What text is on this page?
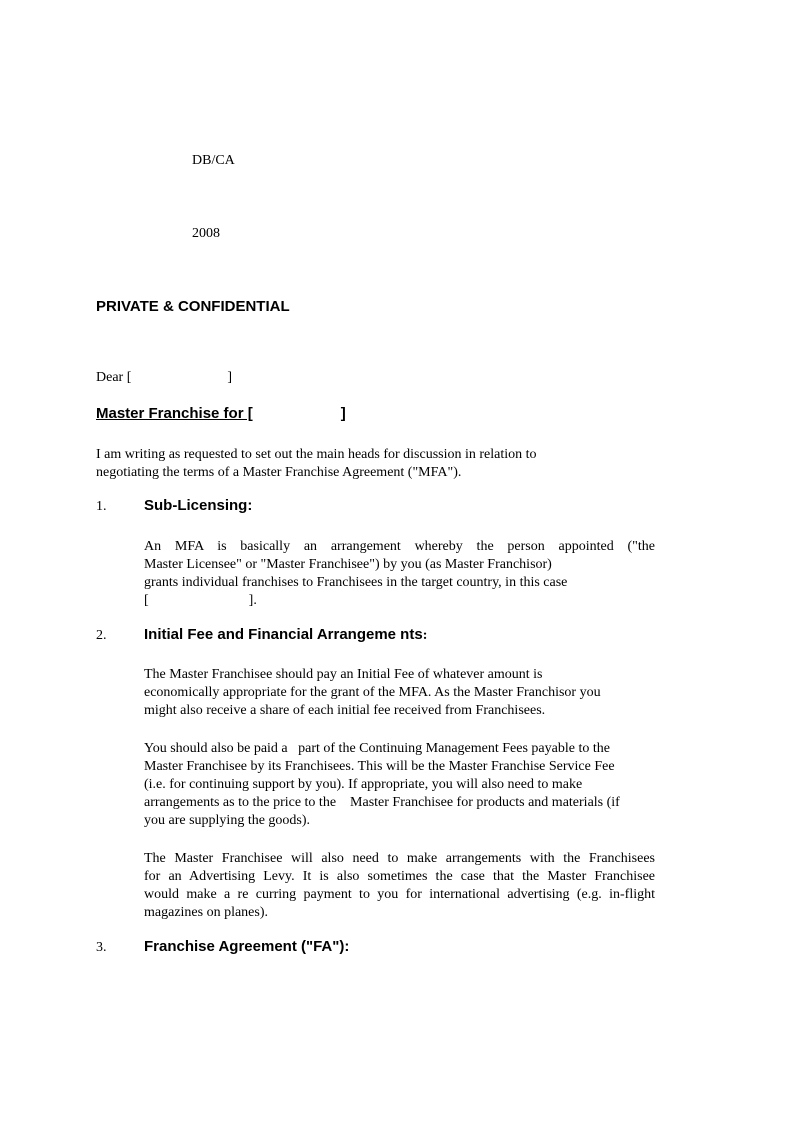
DB/CA
2008
PRIVATE & CONFIDENTIAL
Dear [	]
Master Franchise for [	]
I am writing as requested to set out the main heads for discussion in relation to
negotiating the terms of a Master Franchise Agreement ("MFA").
1.	Sub-Licensing:
An MFA is basically an arrangement whereby the person appointed ("the
Master Licensee" or "Master Franchisee") by you (as Master Franchisor)
grants individual franchises to Franchisees in the target country, in this case
[	].
2.	Initial Fee and Financial Arrangeme nts:
The Master Franchisee should pay an Initial Fee of whatever amount is
economically appropriate for the grant of the MFA. As the Master Franchisor you
might also receive a share of each initial fee received from Franchisees.
You should also be paid a   part of the Continuing Management Fees payable to the
Master Franchisee by its Franchisees. This will be the Master Franchise Service Fee
(i.e. for continuing support by you). If appropriate, you will also need to make
arrangements as to the price to the    Master Franchisee for products and materials (if
you are supplying the goods).
The Master Franchisee will also need to make arrangements with the Franchisees
for an Advertising Levy. It is also sometimes the case that the Master Franchisee
would make a re curring payment to you for international advertising (e.g. in-flight
magazines on planes).
3.	Franchise Agreement ("FA"):
